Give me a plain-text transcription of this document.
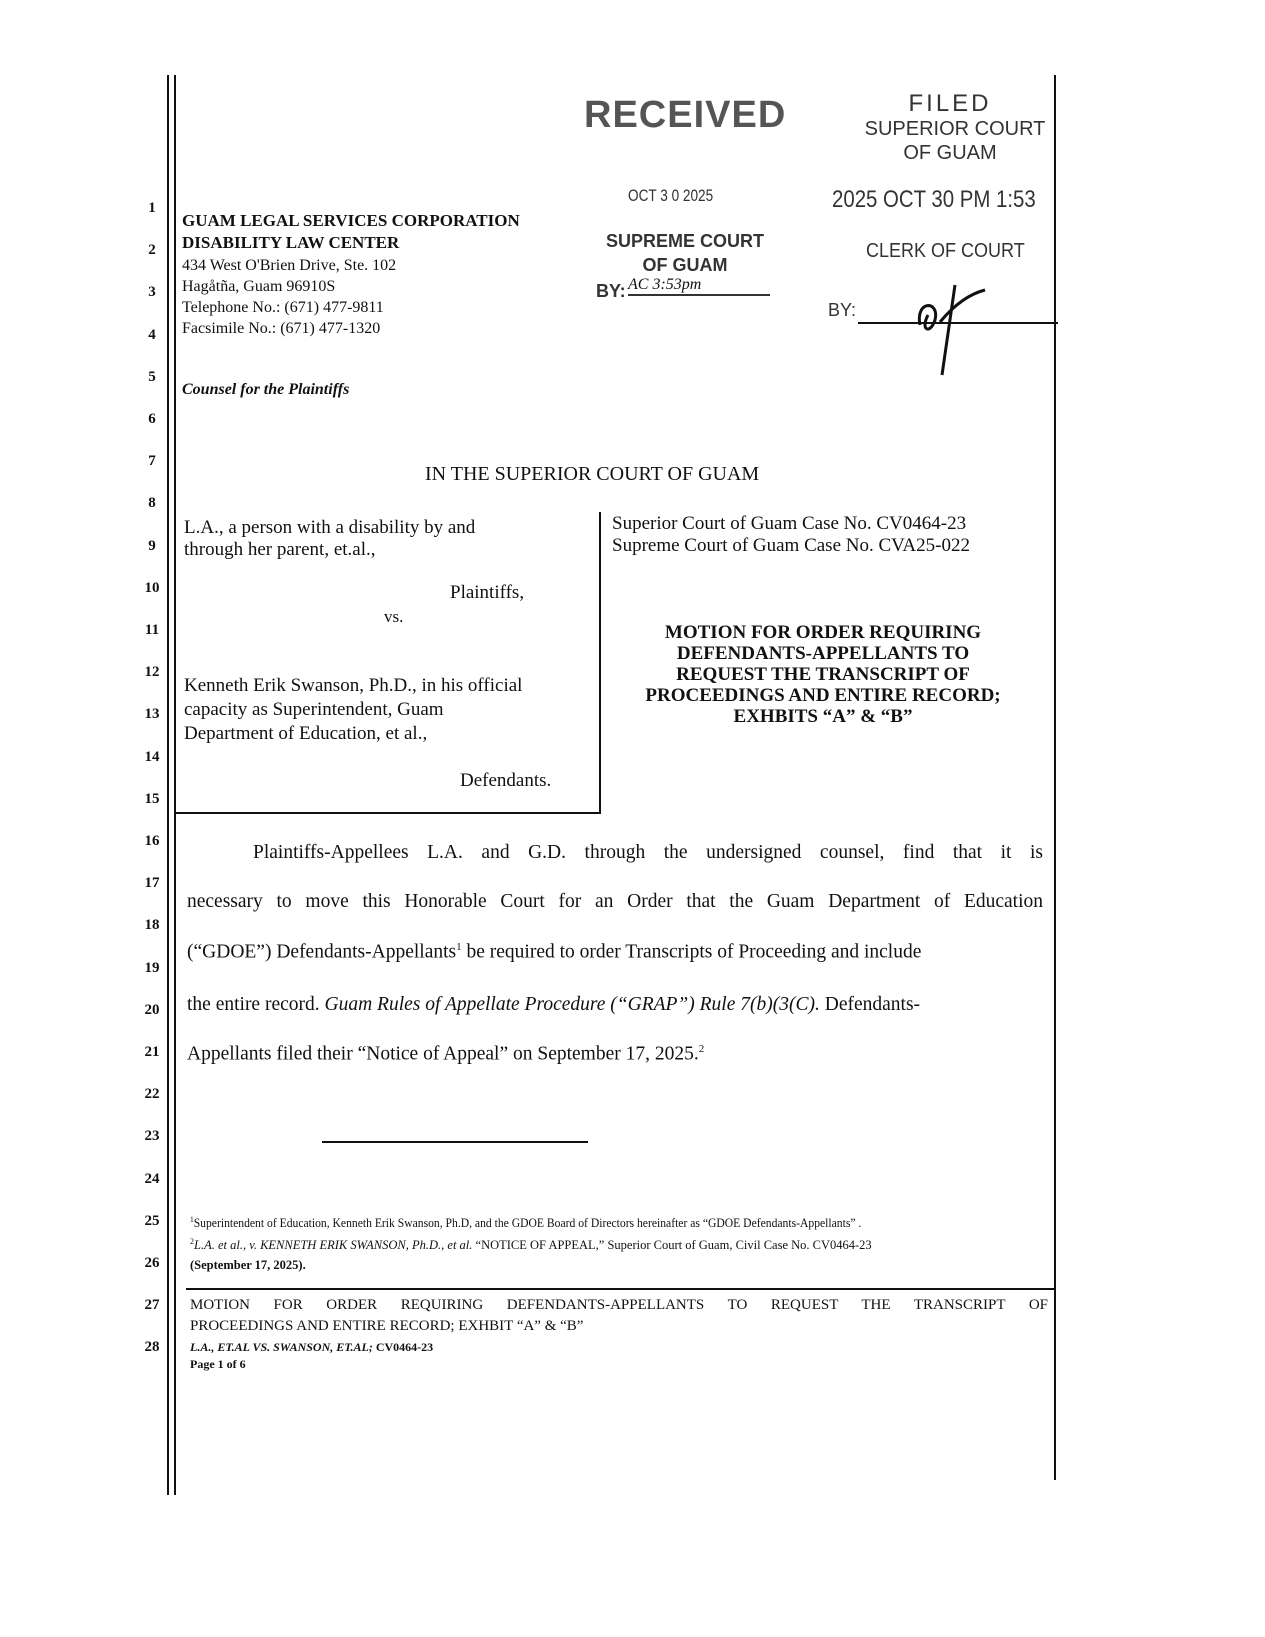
1
2
3
4
5
6
7
8
9
10
11
12
13
14
15
16
17
18
19
20
21
22
23
24
25
26
27
28
RECEIVED
OCT 3 0 2025
SUPREME COURT
OF GUAM
BY: AC 3:53pm
FILED
SUPERIOR COURT
OF GUAM
2025 OCT 30 PM 1:53
CLERK OF COURT
BY:
GUAM LEGAL SERVICES CORPORATION
DISABILITY LAW CENTER
434 West O'Brien Drive, Ste. 102
Hagåtña, Guam 96910S
Telephone No.: (671) 477-9811
Facsimile No.: (671) 477-1320
Counsel for the Plaintiffs
IN THE SUPERIOR COURT OF GUAM
L.A., a person with a disability by and
through her parent, et.al.,
Plaintiffs,
vs.
Kenneth Erik Swanson, Ph.D., in his official
capacity as Superintendent, Guam
Department of Education, et al.,
Defendants.
Superior Court of Guam Case No. CV0464-23
Supreme Court of Guam Case No. CVA25-022
MOTION FOR ORDER REQUIRING
DEFENDANTS-APPELLANTS TO
REQUEST THE TRANSCRIPT OF
PROCEEDINGS AND ENTIRE RECORD;
EXHBITS “A” & “B”
Plaintiffs-Appellees L.A. and G.D. through the undersigned counsel, find that it is
necessary to move this Honorable Court for an Order that the Guam Department of Education
(“GDOE”) Defendants-Appellants$^1$ be required to order Transcripts of Proceeding and include
the entire record. Guam Rules of Appellate Procedure (“GRAP”) Rule 7(b)(3(C). Defendants-
Appellants filed their “Notice of Appeal” on September 17, 2025.$^2$
$^1$Superintendent of Education, Kenneth Erik Swanson, Ph.D, and the GDOE Board of Directors hereinafter as “GDOE Defendants-Appellants” .
$^2$L.A. et al., v. KENNETH ERIK SWANSON, Ph.D., et al. “NOTICE OF APPEAL,” Superior Court of Guam, Civil Case No. CV0464-23
(September 17, 2025).
MOTION FOR ORDER REQUIRING DEFENDANTS-APPELLANTS TO REQUEST THE TRANSCRIPT OF
PROCEEDINGS AND ENTIRE RECORD; EXHBIT “A” & “B”
L.A., ET.AL VS. SWANSON, ET.AL; CV0464-23
Page 1 of 6
